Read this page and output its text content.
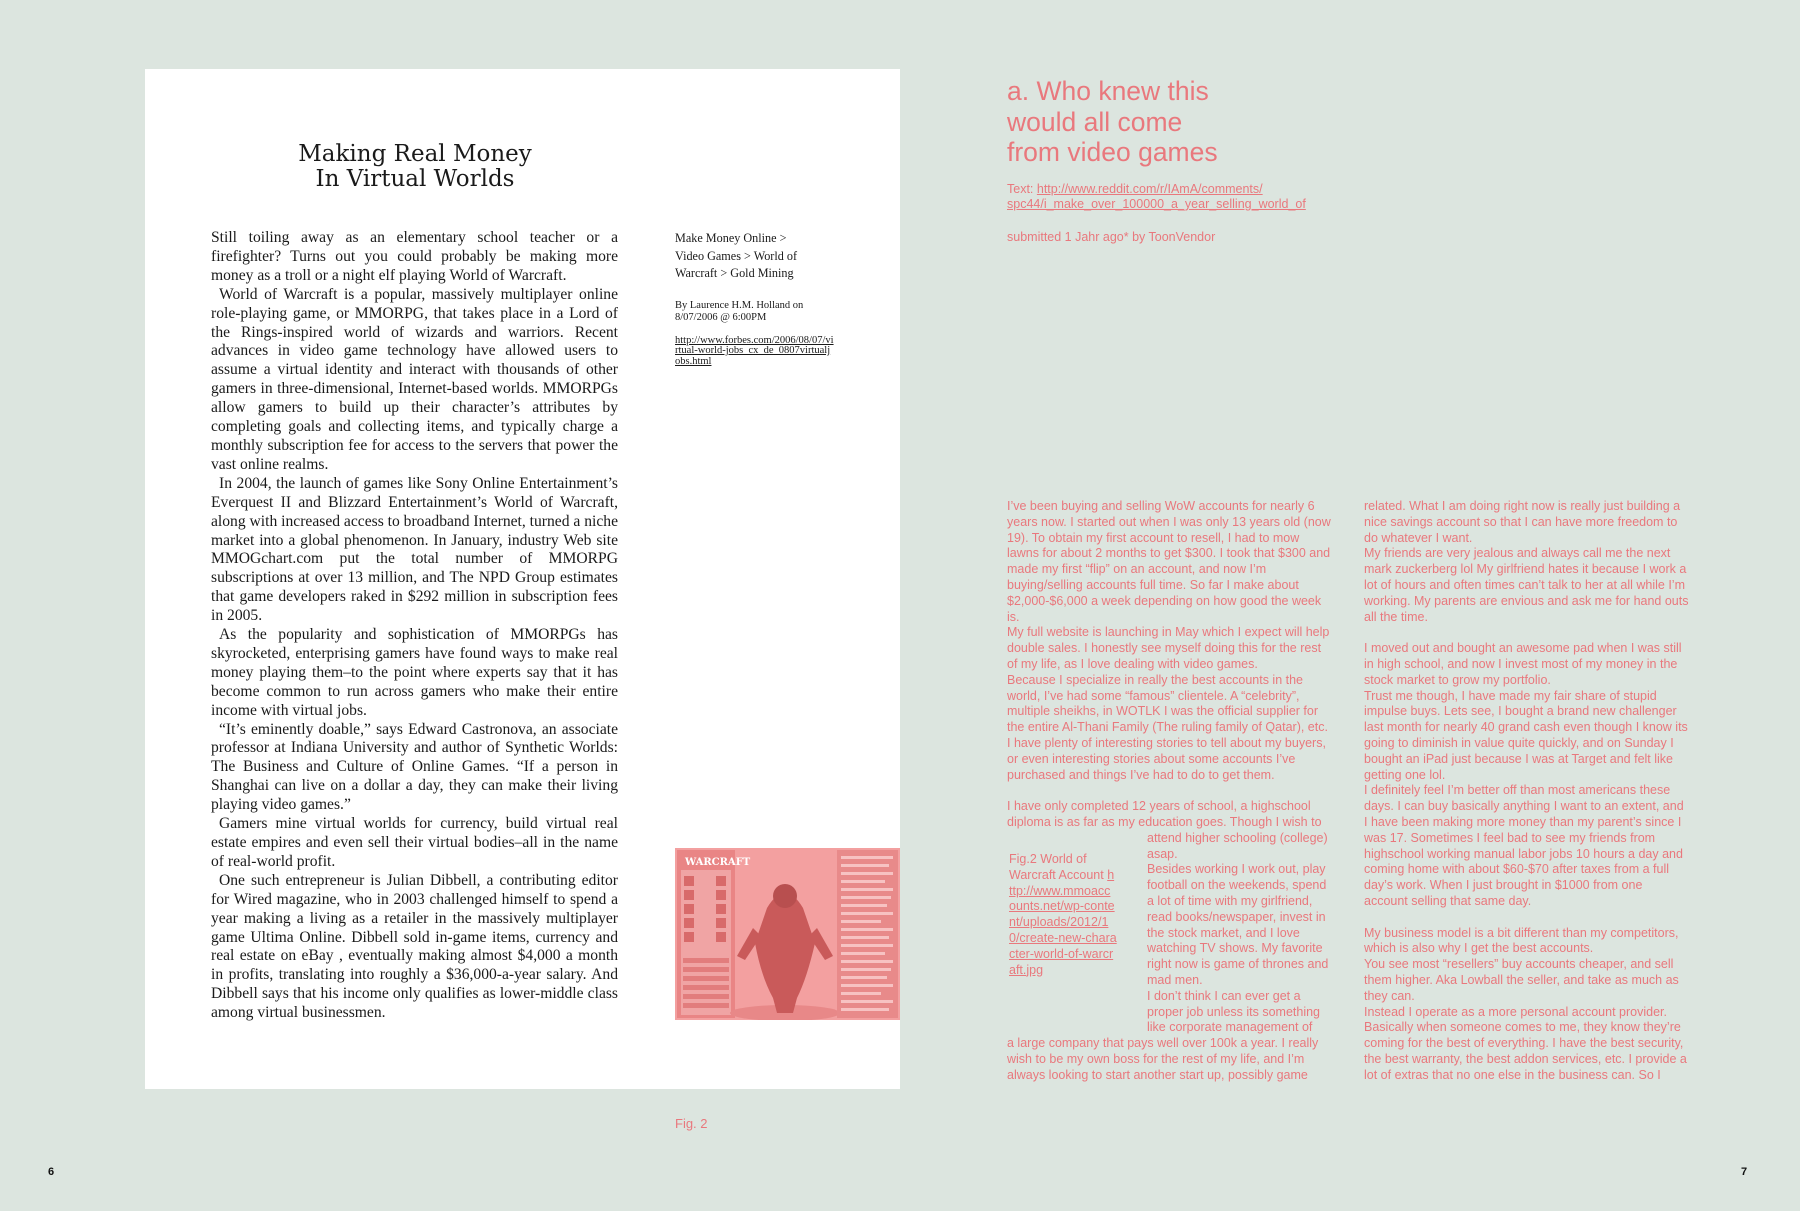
Making Real Money
In Virtual Worlds

Still toiling away as an elementary school teacher or a firefighter? Turns out you could probably be making more money as a troll or a night elf playing World of Warcraft.

World of Warcraft is a popular, massively multiplayer online role-playing game, or MMORPG, that takes place in a Lord of the Rings-inspired world of wizards and warriors. Recent advances in video game technology have allowed users to assume a virtual identity and interact with thousands of other gamers in three-dimensional, Internet-based worlds. MMORPGs allow gamers to build up their character’s attributes by completing goals and collecting items, and typically charge a monthly subscription fee for access to the servers that power the vast online realms.

In 2004, the launch of games like Sony Online Entertainment’s Everquest II and Blizzard Entertainment’s World of Warcraft, along with increased access to broadband Internet, turned a niche market into a global phenomenon. In January, industry Web site MMOGchart.com put the total number of MMORPG subscriptions at over 13 million, and The NPD Group estimates that game developers raked in $292 million in subscription fees in 2005.

As the popularity and sophistication of MMORPGs has skyrocketed, enterprising gamers have found ways to make real money playing them–to the point where experts say that it has become common to run across gamers who make their entire income with virtual jobs.

“It’s eminently doable,” says Edward Castronova, an associate professor at Indiana University and author of Synthetic Worlds: The Business and Culture of Online Games. “If a person in Shanghai can live on a dollar a day, they can make their living playing video games.”

Gamers mine virtual worlds for currency, build virtual real estate empires and even sell their virtual bodies–all in the name of real-world profit.

One such entrepreneur is Julian Dibbell, a contributing editor for Wired magazine, who in 2003 challenged himself to spend a year making a living as a retailer in the massively multiplayer game Ultima Online. Dibbell sold in-game items, currency and real estate on eBay , eventually making almost $4,000 a month in profits, translating into roughly a $36,000-a-year salary. And Dibbell says that his income only qualifies as lower-middle class among virtual businessmen.

Make Money Online >
Video Games > World of
Warcraft > Gold Mining

By Laurence H.M. Holland on
8/07/2006 @ 6:00PM

http://www.forbes.com/2006/08/07/virtual-world-jobs_cx_de_0807virtualjobs.html
WARCRAFT
Fig. 2
6
a. Who knew this
would all come
from video games
Text: http://www.reddit.com/r/IAmA/comments/
spc44/i_make_over_100000_a_year_selling_world_of
submitted 1 Jahr ago* by ToonVendor

I’ve been buying and selling WoW accounts for nearly 6 years now. I started out when I was only 13 years old (now 19). To obtain my first account to resell, I had to mow lawns for about 2 months to get $300. I took that $300 and made my first “flip” on an account, and now I’m buying/selling accounts full time. So far I make about $2,000-$6,000 a week depending on how good the week is.

My full website is launching in May which I expect will help double sales. I honestly see myself doing this for the rest of my life, as I love dealing with video games.

Because I specialize in really the best accounts in the world, I’ve had some “famous” clientele. A “celebrity”, multiple sheikhs, in WOTLK I was the official supplier for the entire Al-Thani Family (The ruling family of Qatar), etc. I have plenty of interesting stories to tell about my buyers, or even interesting stories about some accounts I’ve purchased and things I’ve had to do to get them.

I have only completed 12 years of school, a highschool diploma is as far as my education goes. Though I wish to

attend higher schooling (college) asap.

Besides working I work out, play football on the weekends, spend a lot of time with my girlfriend, read books/newspaper, invest in the stock market, and I love watching TV shows. My favorite right now is game of thrones and mad men.

I don’t think I can ever get a proper job unless its something like corporate management of

a large company that pays well over 100k a year. I really wish to be my own boss for the rest of my life, and I’m always looking to start another start up, possibly game

Fig.2 World of Warcraft Account http://www.mmoaccounts.net/wp-content/uploads/2012/10/create-new-character-world-of-warcraft.jpg

related. What I am doing right now is really just building a nice savings account so that I can have more freedom to do whatever I want.

My friends are very jealous and always call me the next mark zuckerberg lol My girlfriend hates it because I work a lot of hours and often times can’t talk to her at all while I’m working. My parents are envious and ask me for hand outs all the time.

I moved out and bought an awesome pad when I was still in high school, and now I invest most of my money in the stock market to grow my portfolio.

Trust me though, I have made my fair share of stupid impulse buys. Lets see, I bought a brand new challenger last month for nearly 40 grand cash even though I know its going to diminish in value quite quickly, and on Sunday I bought an iPad just because I was at Target and felt like getting one lol.

I definitely feel I’m better off than most americans these days. I can buy basically anything I want to an extent, and I have been making more money than my parent’s since I was 17. Sometimes I feel bad to see my friends from highschool working manual labor jobs 10 hours a day and coming home with about $60-$70 after taxes from a full day’s work. When I just brought in $1000 from one account selling that same day.

My business model is a bit different than my competitors, which is also why I get the best accounts.

You see most “resellers” buy accounts cheaper, and sell them higher. Aka Lowball the seller, and take as much as they can.

Instead I operate as a more personal account provider. Basically when someone comes to me, they know they’re coming for the best of everything. I have the best security, the best warranty, the best addon services, etc. I provide a lot of extras that no one else in the business can. So I

7
